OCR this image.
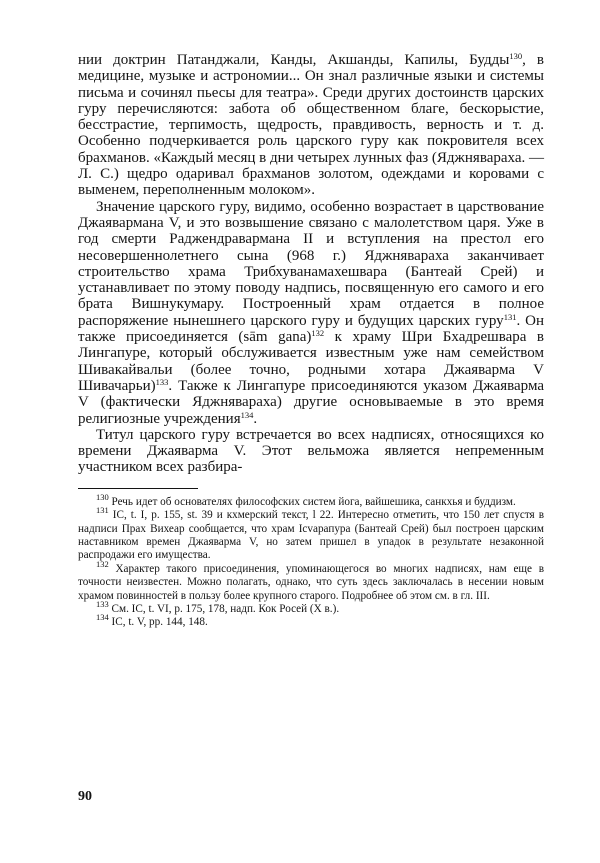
нии доктрин Патанджали, Канды, Акшанды, Капилы, Будды$^{130}$, в медицине, музыке и астрономии... Он знал различные языки и системы письма и сочинял пьесы для театра». Среди других достоинств царских гуру перечисляются: забота об общественном благе, бескорыстие, бесстрастие, терпимость, щедрость, правдивость, верность и т. д. Особенно подчеркивается роль царского гуру как покровителя всех брахманов. «Каждый месяц в дни четырех лунных фаз (Яджнявараха. — Л. С.) щедро одаривал брахманов золотом, одеждами и коровами с выменем, переполненным молоком».

Значение царского гуру, видимо, особенно возрастает в царствование Джаявармана V, и это возвышение связано с малолетством царя. Уже в год смерти Раджендравармана II и вступления на престол его несовершеннолетнего сына (968 г.) Яджнявараха заканчивает строительство храма Трибхуванамахешвара (Бантеай Срей) и устанавливает по этому поводу надпись, посвященную его самого и его брата Вишнукумару. Построенный храм отдается в полное распоряжение нынешнего царского гуру и будущих царских гуру$^{131}$. Он также присоединяется (sām gana)$^{132}$ к храму Шри Бхадрешвара в Лингапуре, который обслуживается известным уже нам семейством Шивакайвальи (более точно, родными хотара Джаяварма V Шивачарьи)$^{133}$. Также к Лингапуре присоединяются указом Джаяварма V (фактически Яджнявараха) другие основываемые в это время религиозные учреждения$^{134}$.

Титул царского гуру встречается во всех надписях, относящихся ко времени Джаяварма V. Этот вельможа является непременным участником всех разбира-

$^{130}$ Речь идет об основателях философских систем йога, вайшешика, санкхья и буддизм.

$^{131}$ IC, t. I, p. 155, st. 39 и кхмерский текст, l 22. Интересно отметить, что 150 лет спустя в надписи Прах Вихеар сообщается, что храм Ісvарапура (Бантеай Срей) был построен царским наставником времен Джаяварма V, но затем пришел в упадок в результате незаконной распродажи его имущества.

$^{132}$ Характер такого присоединения, упоминающегося во многих надписях, нам еще в точности неизвестен. Можно полагать, однако, что суть здесь заключалась в несении новым храмом повинностей в пользу более крупного старого. Подробнее об этом см. в гл. III.

$^{133}$ См. IC, t. VI, p. 175, 178, надп. Кок Росей (X в.).

$^{134}$ IC, t. V, pp. 144, 148.

90
